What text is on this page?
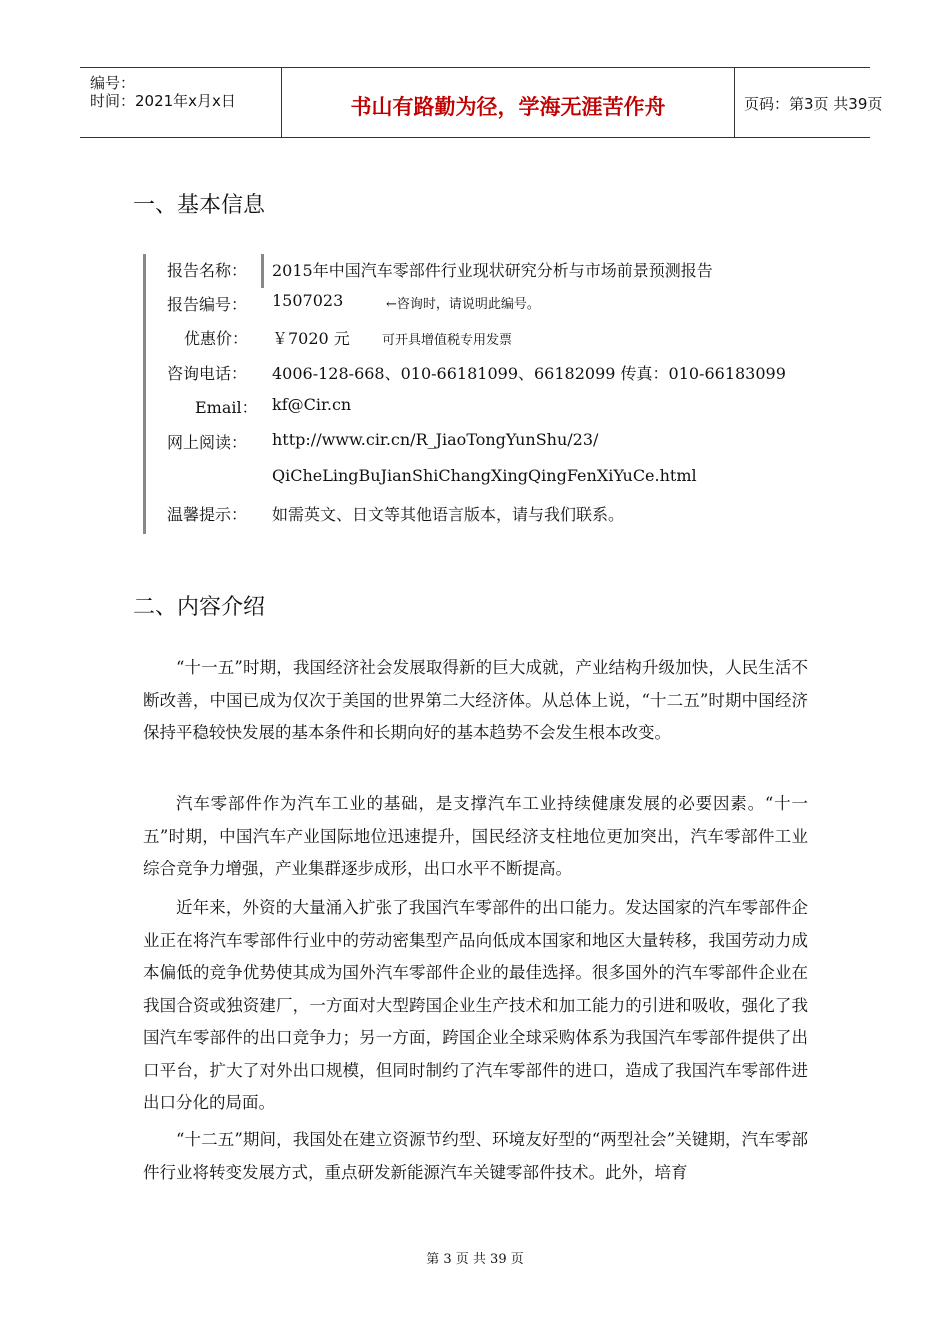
编号：
时间：2021年x月x日	书山有路勤为径，学海无涯苦作舟	页码：第3页 共39页
一、基本信息
报告名称： 2015年中国汽车零部件行业现状研究分析与市场前景预测报告
报告编号： 1507023	←咨询时，请说明此编号。
优惠价： ￥7020 元 可开具增值税专用发票
咨询电话： 4006-128-668、010-66181099、66182099 传真：010-66183099
Email： kf@Cir.cn
网上阅读： http://www.cir.cn/R_JiaoTongYunShu/23/
QiCheLingBuJianShiChangXingQingFenXiYuCe.html
温馨提示： 如需英文、日文等其他语言版本，请与我们联系。
二、内容介绍

“十一五”时期，我国经济社会发展取得新的巨大成就，产业结构升级加快，人民生活不断改善，中国已成为仅次于美国的世界第二大经济体。从总体上说，“十二五”时期中国经济保持平稳较快发展的基本条件和长期向好的基本趋势不会发生根本改变。

汽车零部件作为汽车工业的基础，是支撑汽车工业持续健康发展的必要因素。“十一五”时期，中国汽车产业国际地位迅速提升，国民经济支柱地位更加突出，汽车零部件工业综合竞争力增强，产业集群逐步成形，出口水平不断提高。

近年来，外资的大量涌入扩张了我国汽车零部件的出口能力。发达国家的汽车零部件企业正在将汽车零部件行业中的劳动密集型产品向低成本国家和地区大量转移，我国劳动力成本偏低的竞争优势使其成为国外汽车零部件企业的最佳选择。很多国外的汽车零部件企业在我国合资或独资建厂，一方面对大型跨国企业生产技术和加工能力的引进和吸收，强化了我国汽车零部件的出口竞争力；另一方面，跨国企业全球采购体系为我国汽车零部件提供了出口平台，扩大了对外出口规模，但同时制约了汽车零部件的进口，造成了我国汽车零部件进出口分化的局面。

“十二五”期间，我国处在建立资源节约型、环境友好型的“两型社会”关键期，汽车零部件行业将转变发展方式，重点研发新能源汽车关键零部件技术。此外，培育

第 3 页 共 39 页
